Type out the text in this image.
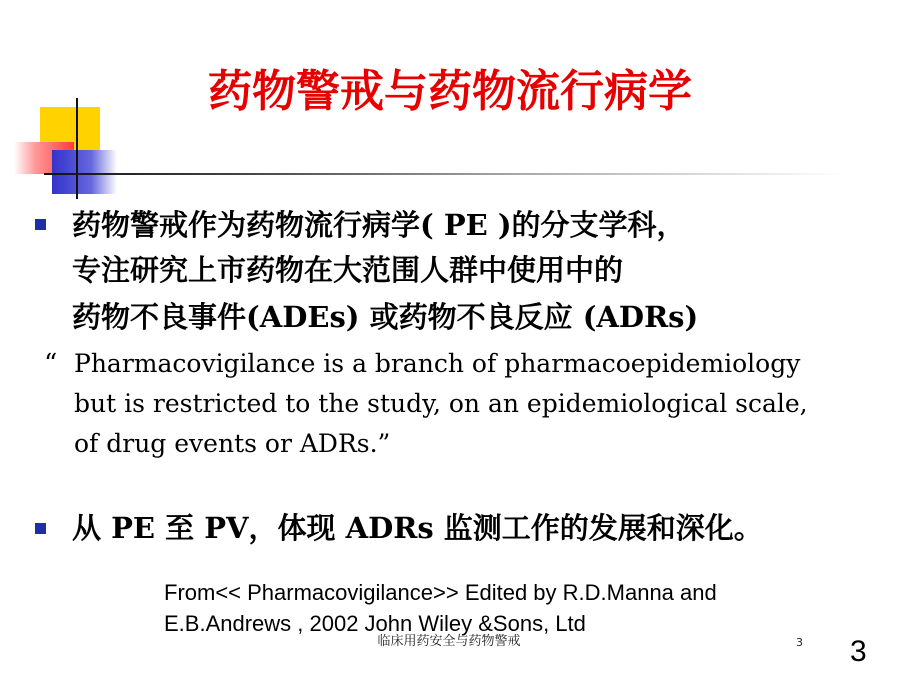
药物警戒与药物流行病学
药物警戒作为药物流行病学( PE )的分支学科，
专注研究上市药物在大范围人群中使用中的
药物不良事件(ADEs) 或药物不良反应 (ADRs)
“ Pharmacovigilance is a branch of pharmacoepidemiology
but is restricted to the study, on an epidemiological scale,
of drug events or ADRs.”
从 PE 至 PV，体现 ADRs 监测工作的发展和深化。
From<< Pharmacovigilance>> Edited by R.D.Manna and
E.B.Andrews , 2002 John Wiley &Sons, Ltd
临床用药安全与药物警戒	3 3
